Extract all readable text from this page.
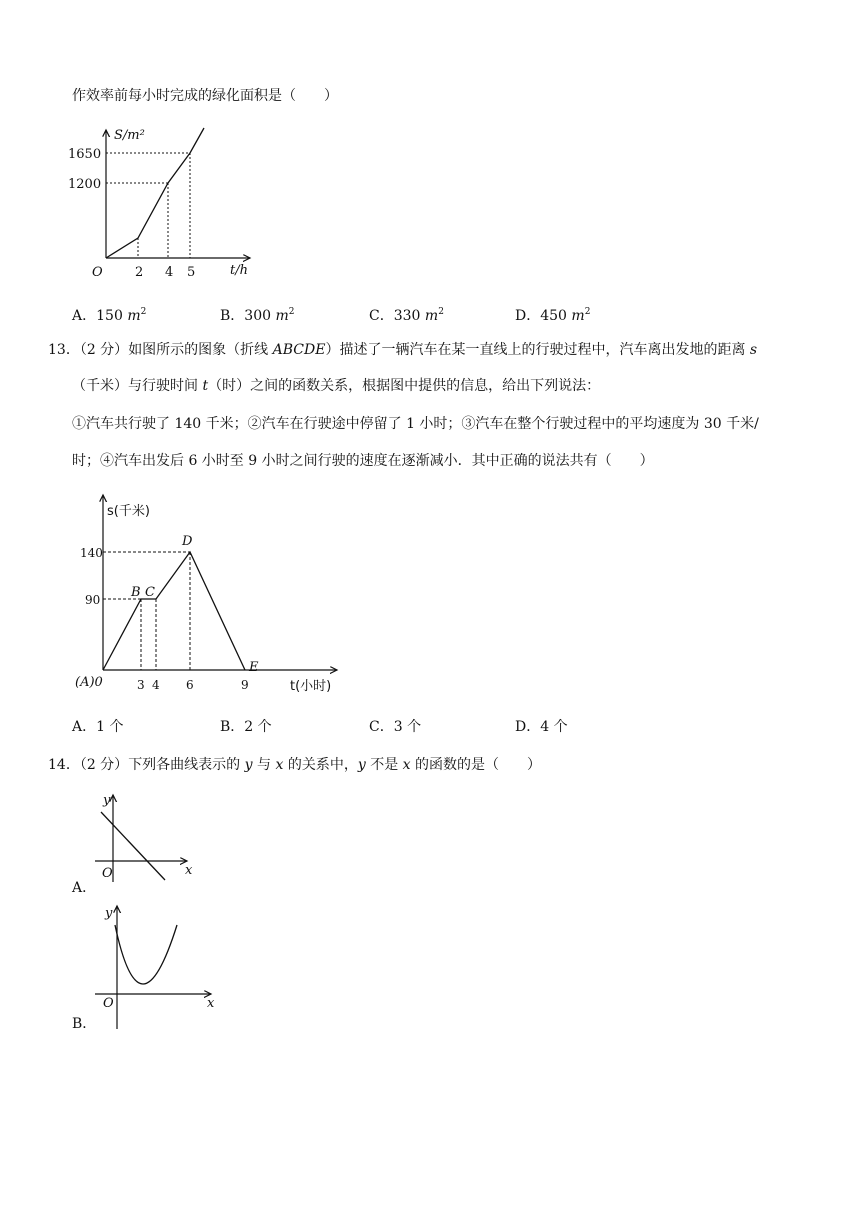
作效率前每小时完成的绿化面积是（　　）
S/m²
t/h
O
1650
1200
2 4 5
A．150 $m^2$	B．300 $m^2$	C．330 $m^2$	D．450 $m^2$
13．（2 分）如图所示的图象（折线 ABCDE）描述了一辆汽车在某一直线上的行驶过程中，汽车离出发地的距离 s
（千米）与行驶时间 t（时）之间的函数关系，根据图中提供的信息，给出下列说法：
①汽车共行驶了 140 千米；②汽车在行驶途中停留了 1 小时；③汽车在整个行驶过程中的平均速度为 30 千米/
时；④汽车出发后 6 小时至 9 小时之间行驶的速度在逐渐减小．其中正确的说法共有（　　）
s(千米)
t(小时)
(A)0
140
90
3 4 6	9
B C
D
E
A．1 个	B．2 个	C．3 个	D．4 个
14．（2 分）下列各曲线表示的 y 与 x 的关系中，y 不是 x 的函数的是（　　）
y
x
O
A．
y
x
O
B．
